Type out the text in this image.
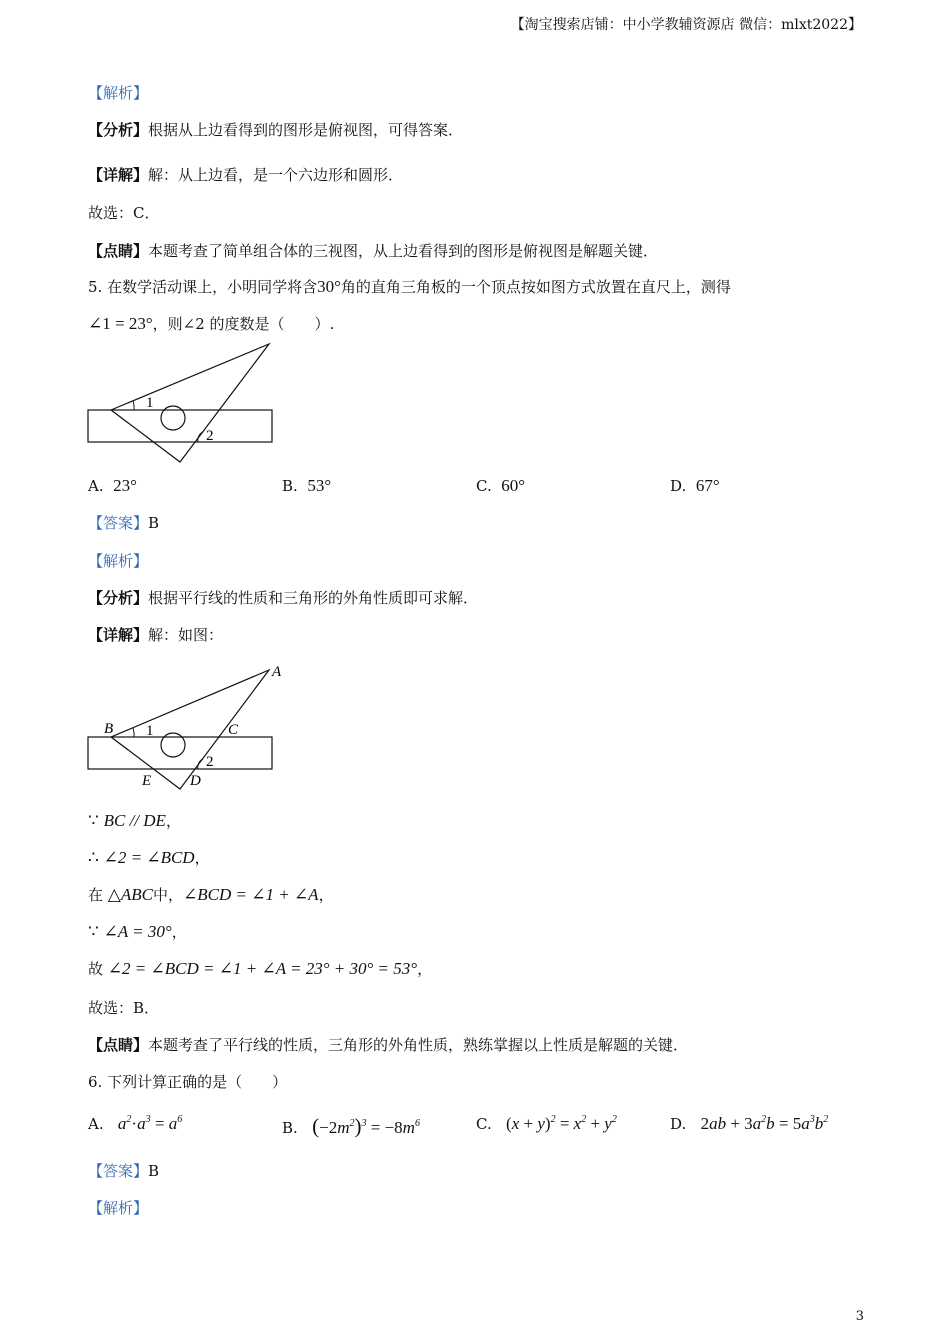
【淘宝搜索店铺：中小学教辅资源店 微信：mlxt2022】
【解析】
【分析】根据从上边看得到的图形是俯视图，可得答案．
【详解】解：从上边看，是一个六边形和圆形．
故选：C．
【点睛】本题考查了简单组合体的三视图，从上边看得到的图形是俯视图是解题关键．
5. 在数学活动课上，小明同学将含30°角的直角三角板的一个顶点按如图方式放置在直尺上，测得
∠1 = 23°，则∠2 的度数是（　　）.
1
2
A. 23°	B. 53°	C. 60°	D. 67°
【答案】B
【解析】
【分析】根据平行线的性质和三角形的外角性质即可求解．
【详解】解：如图：
1
2
A
B	C
D
E
∵ BC // DE，
∴ ∠2 = ∠BCD，
在 △ABC中，∠BCD = ∠1 + ∠A，
∵ ∠A = 30°，
故 ∠2 = ∠BCD = ∠1 + ∠A = 23° + 30° = 53°，
故选：B．
【点睛】本题考查了平行线的性质，三角形的外角性质，熟练掌握以上性质是解题的关键．
6. 下列计算正确的是（　　）
A. $a^2\cdot a^3 = a^6$	B. $(-2m^2)^3 = -8m^6$	C. $(x + y)^2 = x^2 + y^2$	D. $2ab + 3a^2b = 5a^3b^2$
【答案】B
【解析】
3
